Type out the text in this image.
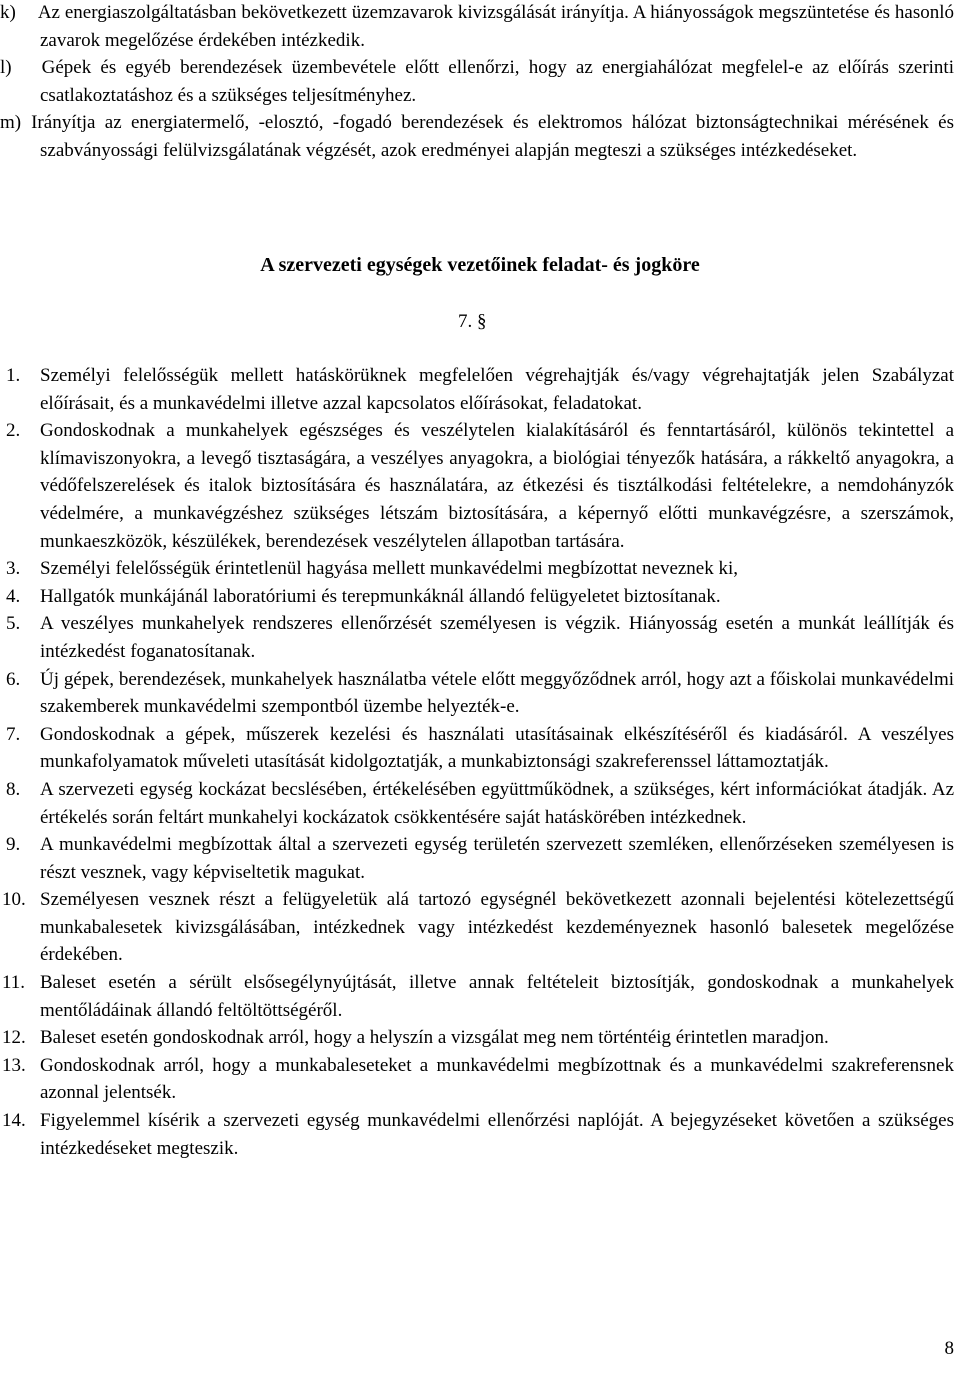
k) Az energiaszolgáltatásban bekövetkezett üzemzavarok kivizsgálását irányítja. A hiányosságok megszüntetése és hasonló zavarok megelőzése érdekében intézkedik.
l) Gépek és egyéb berendezések üzembevétele előtt ellenőrzi, hogy az energiahálózat megfelel-e az előírás szerinti csatlakoztatáshoz és a szükséges teljesítményhez.
m) Irányítja az energiatermelő, -elosztó, -fogadó berendezések és elektromos hálózat biztonságtechnikai mérésének és szabványossági felülvizsgálatának végzését, azok eredményei alapján megteszi a szükséges intézkedéseket.
A szervezeti egységek vezetőinek feladat- és jogköre
7. §
1. Személyi felelősségük mellett hatáskörüknek megfelelően végrehajtják és/vagy végrehajtatják jelen Szabályzat előírásait, és a munkavédelmi illetve azzal kapcsolatos előírásokat, feladatokat.
2. Gondoskodnak a munkahelyek egészséges és veszélytelen kialakításáról és fenntartásáról, különös tekintettel a klímaviszonyokra, a levegő tisztaságára, a veszélyes anyagokra, a biológiai tényezők hatására, a rákkeltő anyagokra, a védőfelszerelések és italok biztosítására és használatára, az étkezési és tisztálkodási feltételekre, a nemdohányzók védelmére, a munkavégzéshez szükséges létszám biztosítására, a képernyő előtti munkavégzésre, a szerszámok, munkaeszközök, készülékek, berendezések veszélytelen állapotban tartására.
3. Személyi felelősségük érintetlenül hagyása mellett munkavédelmi megbízottat neveznek ki,
4. Hallgatók munkájánál laboratóriumi és terepmunkáknál állandó felügyeletet biztosítanak.
5. A veszélyes munkahelyek rendszeres ellenőrzését személyesen is végzik. Hiányosság esetén a munkát leállítják és intézkedést foganatosítanak.
6. Új gépek, berendezések, munkahelyek használatba vétele előtt meggyőződnek arról, hogy azt a főiskolai munkavédelmi szakemberek munkavédelmi szempontból üzembe helyezték-e.
7. Gondoskodnak a gépek, műszerek kezelési és használati utasításainak elkészítéséről és kiadásáról. A veszélyes munkafolyamatok műveleti utasítását kidolgoztatják, a munkabiztonsági szakreferenssel láttamoztatják.
8. A szervezeti egység kockázat becslésében, értékelésében együttműködnek, a szükséges, kért információkat átadják. Az értékelés során feltárt munkahelyi kockázatok csökkentésére saját hatáskörében intézkednek.
9. A munkavédelmi megbízottak által a szervezeti egység területén szervezett szemléken, ellenőrzéseken személyesen is részt vesznek, vagy képviseltetik magukat.
10. Személyesen vesznek részt a felügyeletük alá tartozó egységnél bekövetkezett azonnali bejelentési kötelezettségű munkabalesetek kivizsgálásában, intézkednek vagy intézkedést kezdeményeznek hasonló balesetek megelőzése érdekében.
11. Baleset esetén a sérült elsősegélynyújtását, illetve annak feltételeit biztosítják, gondoskodnak a munkahelyek mentőládáinak állandó feltöltöttségéről.
12. Baleset esetén gondoskodnak arról, hogy a helyszín a vizsgálat meg nem történtéig érintetlen maradjon.
13. Gondoskodnak arról, hogy a munkabaleseteket a munkavédelmi megbízottnak és a munkavédelmi szakreferensnek azonnal jelentsék.
14. Figyelemmel kísérik a szervezeti egység munkavédelmi ellenőrzési naplóját. A bejegyzéseket követően a szükséges intézkedéseket megteszik.
8
